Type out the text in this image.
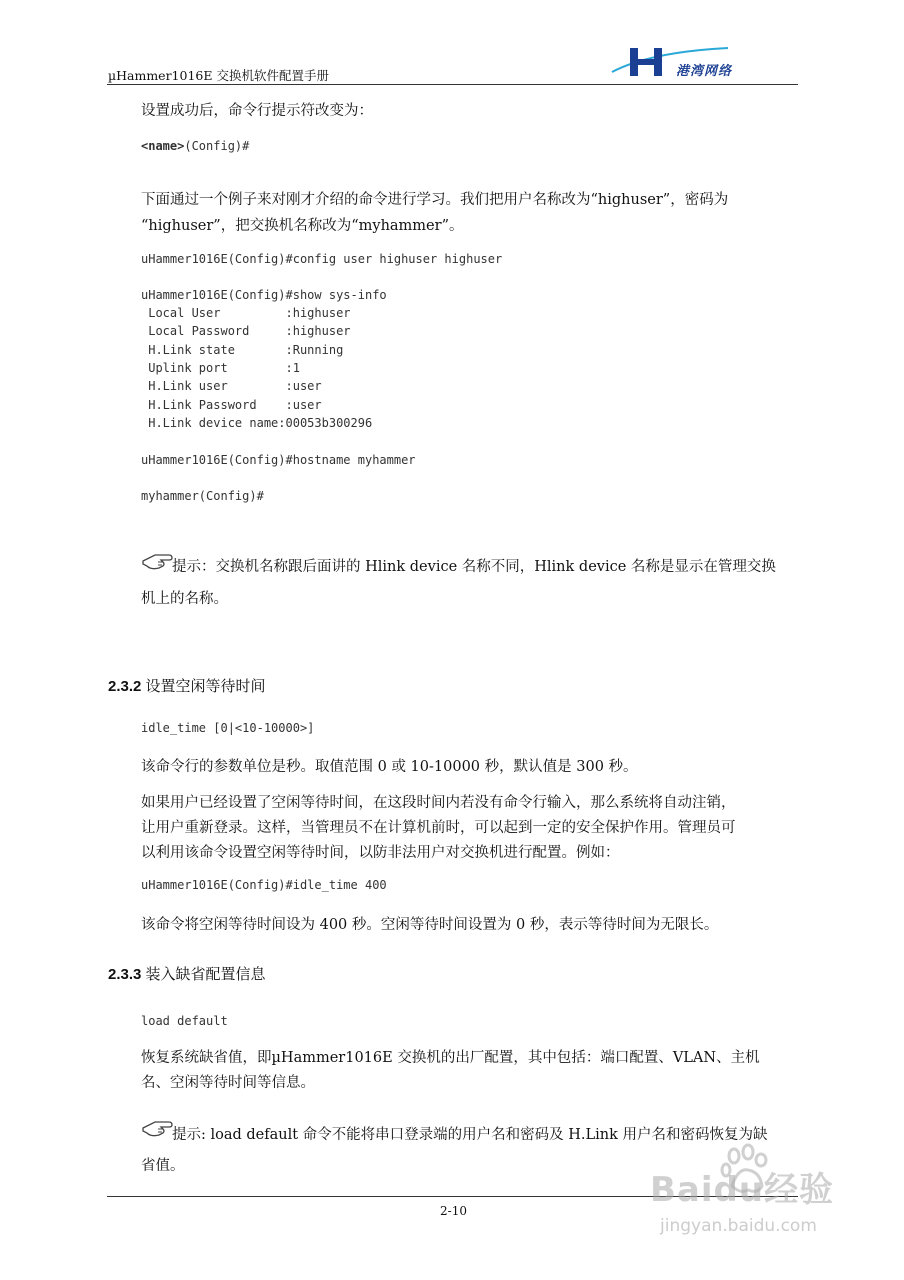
µHammer1016E 交换机软件配置手册	港湾网络
设置成功后，命令行提示符改变为：
<name>(Config)#
下面通过一个例子来对刚才介绍的命令进行学习。我们把用户名称改为“highuser”，密码为
“highuser”，把交换机名称改为“myhammer”。
uHammer1016E(Config)#config user highuser highuser
uHammer1016E(Config)#show sys-info
Local User         :highuser
Local Password     :highuser
H.Link state       :Running
Uplink port        :1
H.Link user        :user
H.Link Password    :user
H.Link device name:00053b300296
uHammer1016E(Config)#hostname myhammer
myhammer(Config)#
提示：交换机名称跟后面讲的 Hlink device 名称不同，Hlink device 名称是显示在管理交换
机上的名称。
2.3.2 设置空闲等待时间
idle_time [0|<10-10000>]
该命令行的参数单位是秒。取值范围 0 或 10-10000 秒，默认值是 300 秒。
如果用户已经设置了空闲等待时间，在这段时间内若没有命令行输入，那么系统将自动注销，
让用户重新登录。这样，当管理员不在计算机前时，可以起到一定的安全保护作用。管理员可
以利用该命令设置空闲等待时间，以防非法用户对交换机进行配置。例如：
uHammer1016E(Config)#idle_time 400
该命令将空闲等待时间设为 400 秒。空闲等待时间设置为 0 秒，表示等待时间为无限长。
2.3.3 装入缺省配置信息
load default
恢复系统缺省值，即µHammer1016E 交换机的出厂配置，其中包括：端口配置、VLAN、主机
名、空闲等待时间等信息。
提示: load default 命令不能将串口登录端的用户名和密码及 H.Link 用户名和密码恢复为缺
省值。
2-10
Baidu经验
jingyan.baidu.com
